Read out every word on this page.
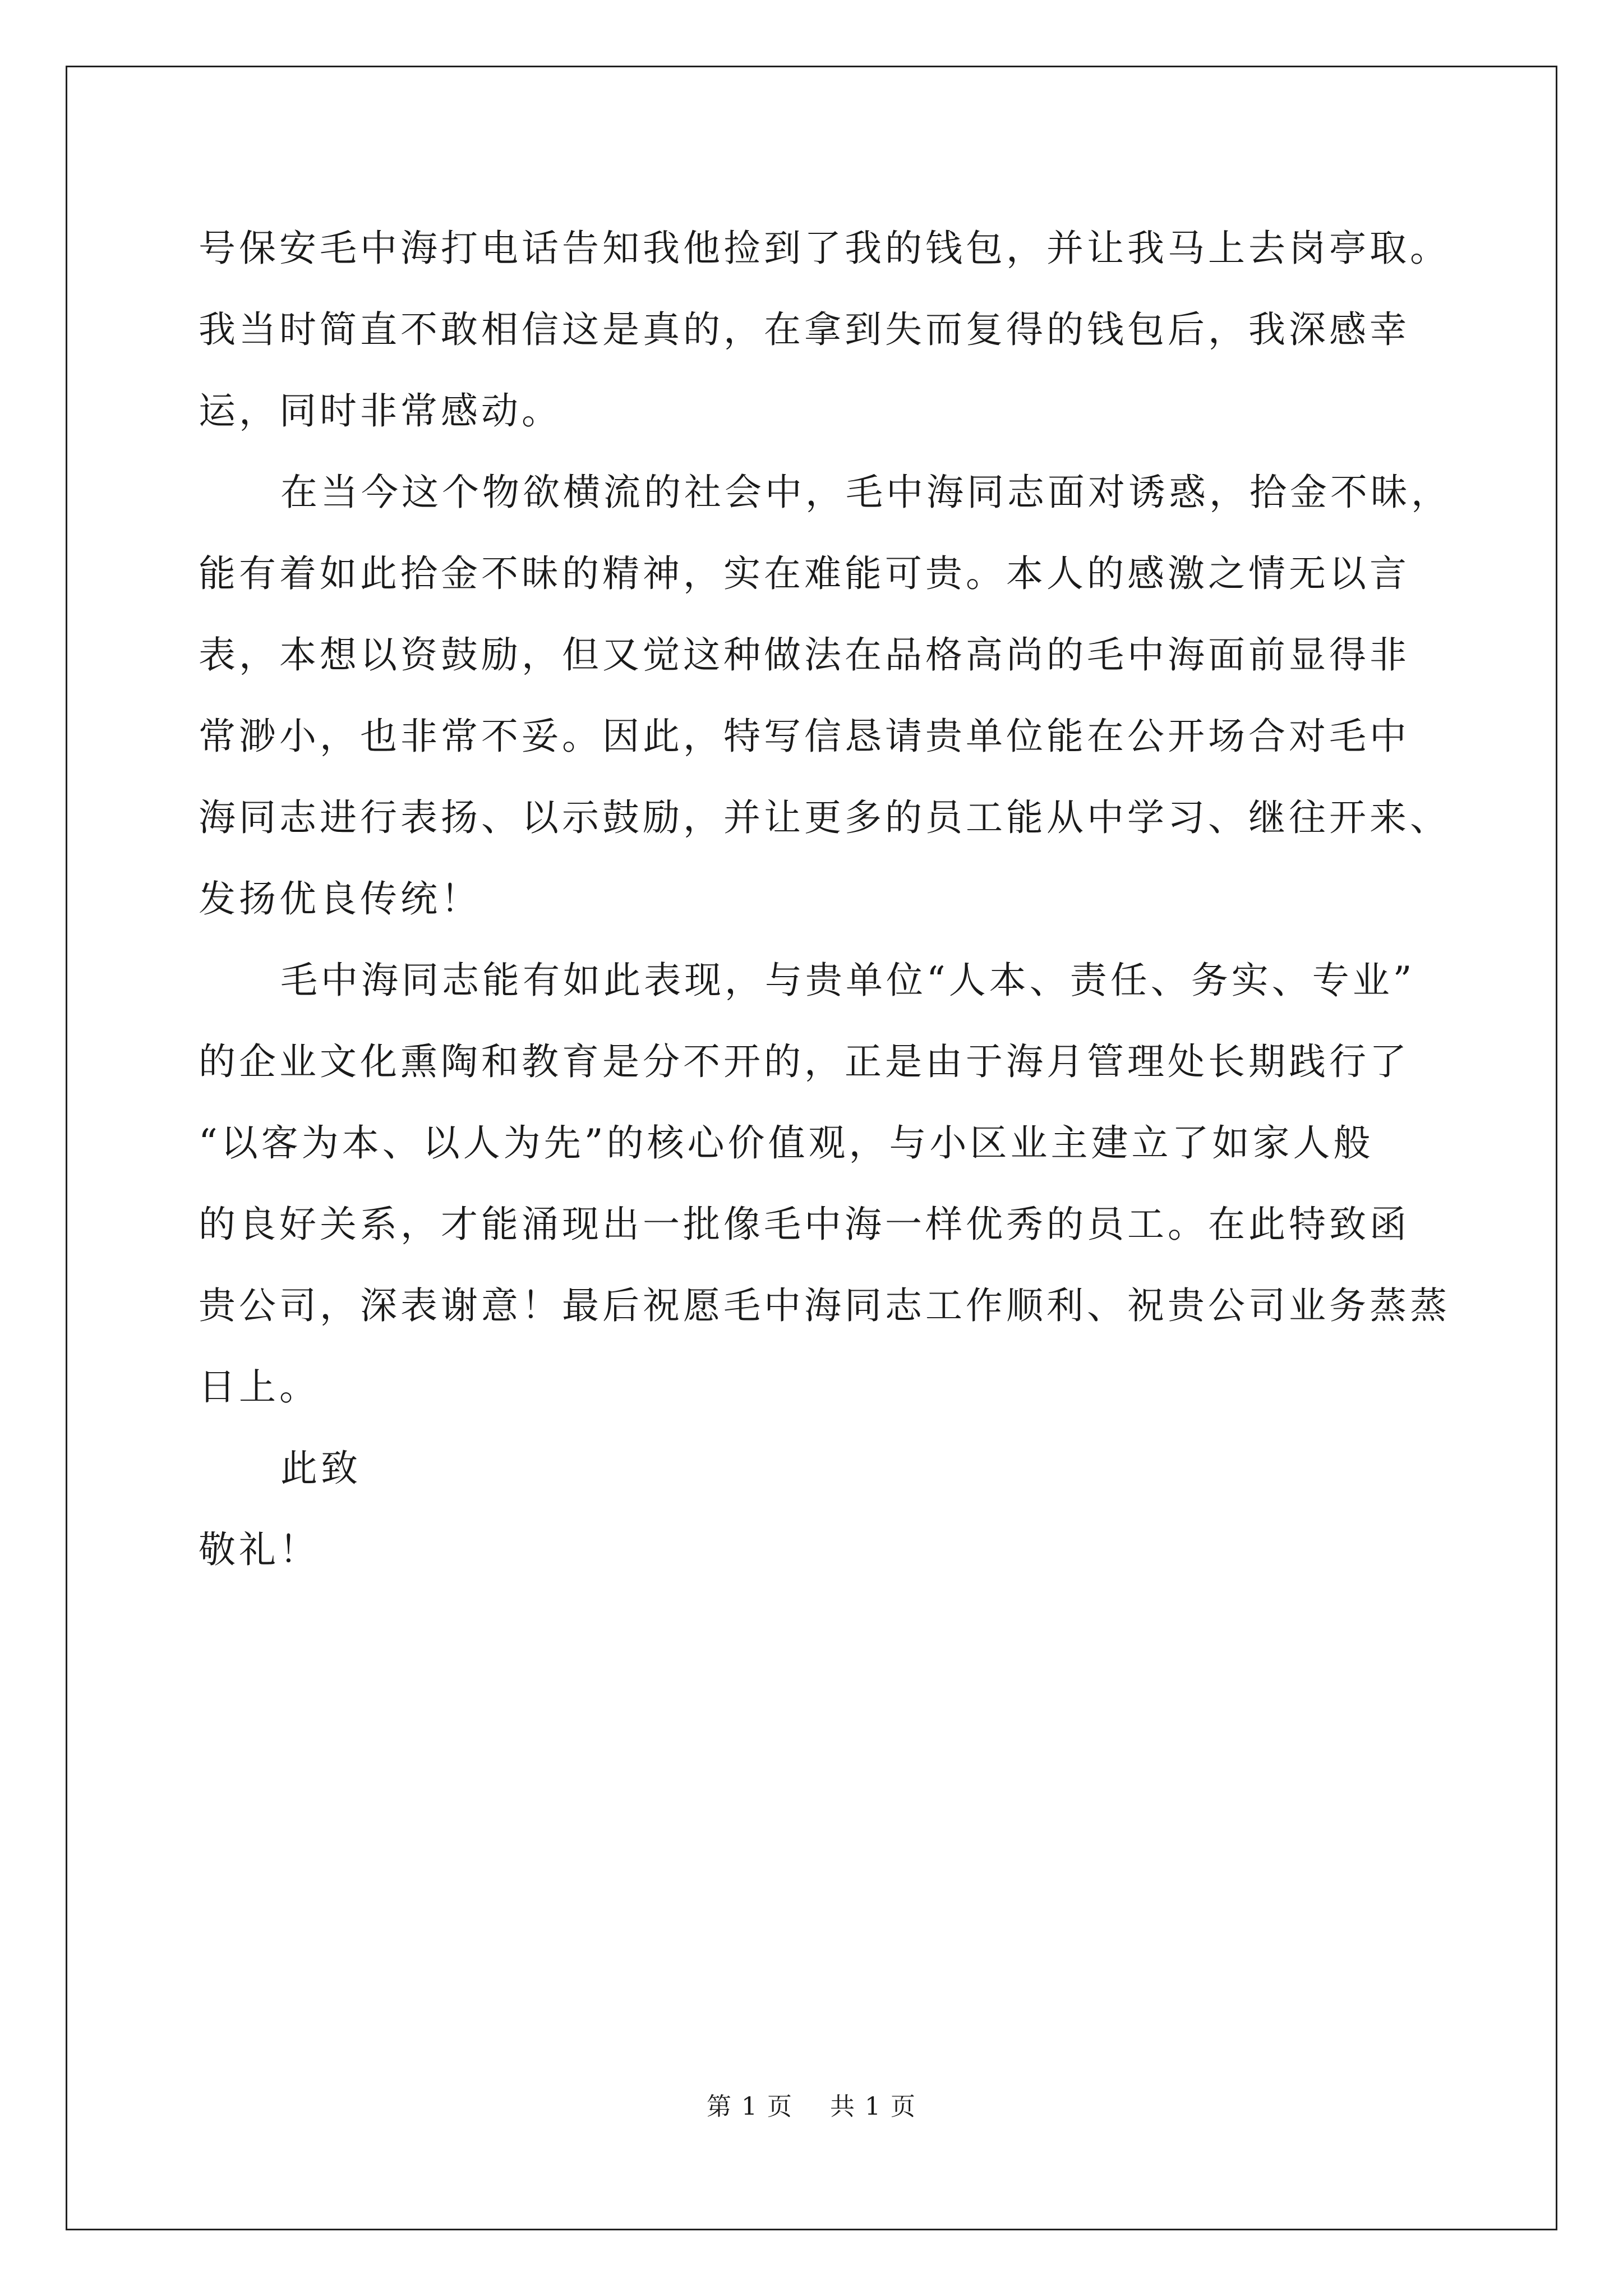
号保安毛中海打电话告知我他捡到了我的钱包，并让我马上去岗亭取。
我当时简直不敢相信这是真的，在拿到失而复得的钱包后，我深感幸
运，同时非常感动。
在当今这个物欲横流的社会中，毛中海同志面对诱惑，拾金不昧，
能有着如此拾金不昧的精神，实在难能可贵。本人的感激之情无以言
表，本想以资鼓励，但又觉这种做法在品格高尚的毛中海面前显得非
常渺小，也非常不妥。因此，特写信恳请贵单位能在公开场合对毛中
海同志进行表扬、以示鼓励，并让更多的员工能从中学习、继往开来、
发扬优良传统！
毛中海同志能有如此表现，与贵单位“人本、责任、务实、专业”
的企业文化熏陶和教育是分不开的，正是由于海月管理处长期践行了
“以客为本、以人为先”的核心价值观，与小区业主建立了如家人般
的良好关系，才能涌现出一批像毛中海一样优秀的员工。在此特致函
贵公司，深表谢意！最后祝愿毛中海同志工作顺利、祝贵公司业务蒸蒸
日上。
此致
敬礼！
第 1 页 共 1 页
